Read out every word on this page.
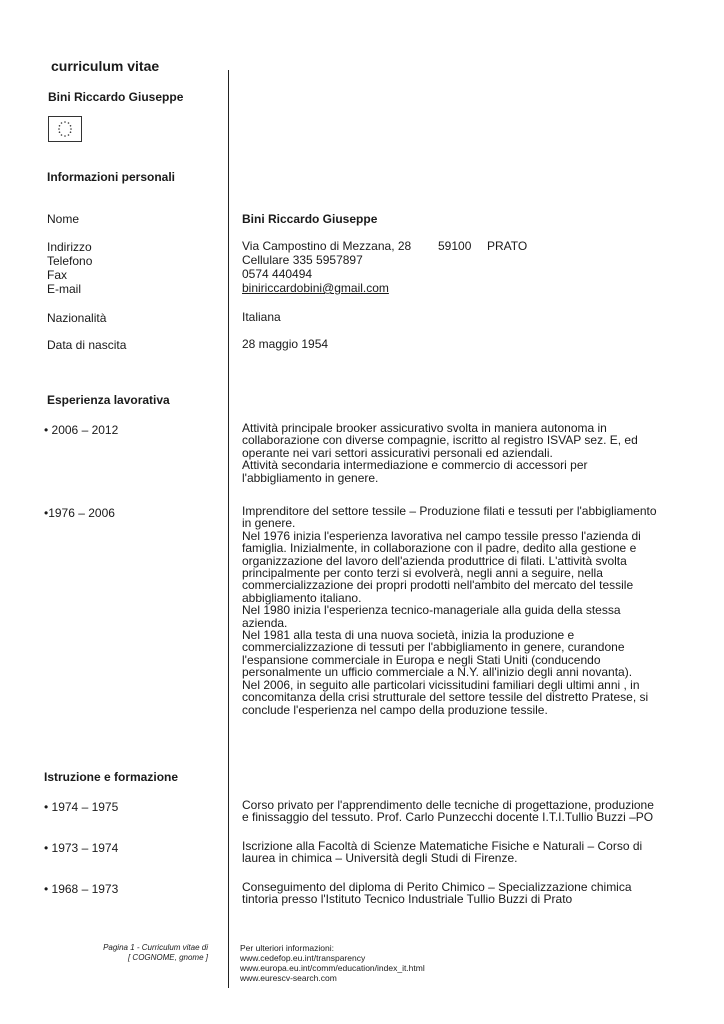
curriculum vitae
Bini Riccardo Giuseppe
Informazioni personali
Nome	Bini Riccardo Giuseppe
Indirizzo	Via Campostino di Mezzana, 28 59100 PRATO
Telefono	Cellulare 335 5957897
Fax	0574 440494
E-mail	biniriccardobini@gmail.com
Nazionalità	Italiana
Data di nascita	28 maggio 1954
Esperienza lavorativa
• 2006 – 2012	Attività principale brooker assicurativo svolta in maniera autonoma in
collaborazione con diverse compagnie, iscritto al registro ISVAP sez. E, ed
operante nei vari settori assicurativi personali ed aziendali.
Attività secondaria intermediazione e commercio di accessori per
l'abbigliamento in genere.
•1976 – 2006	Imprenditore del settore tessile – Produzione filati e tessuti per l'abbigliamento
in genere.
Nel 1976 inizia l'esperienza lavorativa nel campo tessile presso l'azienda di
famiglia. Inizialmente, in collaborazione con il padre, dedito alla gestione e
organizzazione del lavoro dell'azienda produttrice di filati. L'attività svolta
principalmente per conto terzi si evolverà, negli anni a seguire, nella
commercializzazione dei propri prodotti nell'ambito del mercato del tessile
abbigliamento italiano.
Nel 1980 inizia l'esperienza tecnico-manageriale alla guida della stessa
azienda.
Nel 1981 alla testa di una nuova società, inizia la produzione e
commercializzazione di tessuti per l'abbigliamento in genere, curandone
l'espansione commerciale in Europa e negli Stati Uniti (conducendo
personalmente un ufficio commerciale a N.Y. all'inizio degli anni novanta).
Nel 2006, in seguito alle particolari vicissitudini familiari degli ultimi anni , in
concomitanza della crisi strutturale del settore tessile del distretto Pratese, si
conclude l'esperienza nel campo della produzione tessile.
Istruzione e formazione
• 1974 – 1975	Corso privato per l'apprendimento delle tecniche di progettazione, produzione
e finissaggio del tessuto. Prof. Carlo Punzecchi docente I.T.I.Tullio Buzzi –PO
• 1973 – 1974	Iscrizione alla Facoltà di Scienze Matematiche Fisiche e Naturali – Corso di
laurea in chimica – Università degli Studi di Firenze.
• 1968 – 1973	Conseguimento del diploma di Perito Chimico – Specializzazione chimica
tintoria presso l'Istituto Tecnico Industriale Tullio Buzzi di Prato
Pagina 1 - Curriculum vitae di
[ COGNOME, gnome ]
Per ulteriori informazioni:
www.cedefop.eu.int/transparency
www.europa.eu.int/comm/education/index_it.html
www.eurescv-search.com
